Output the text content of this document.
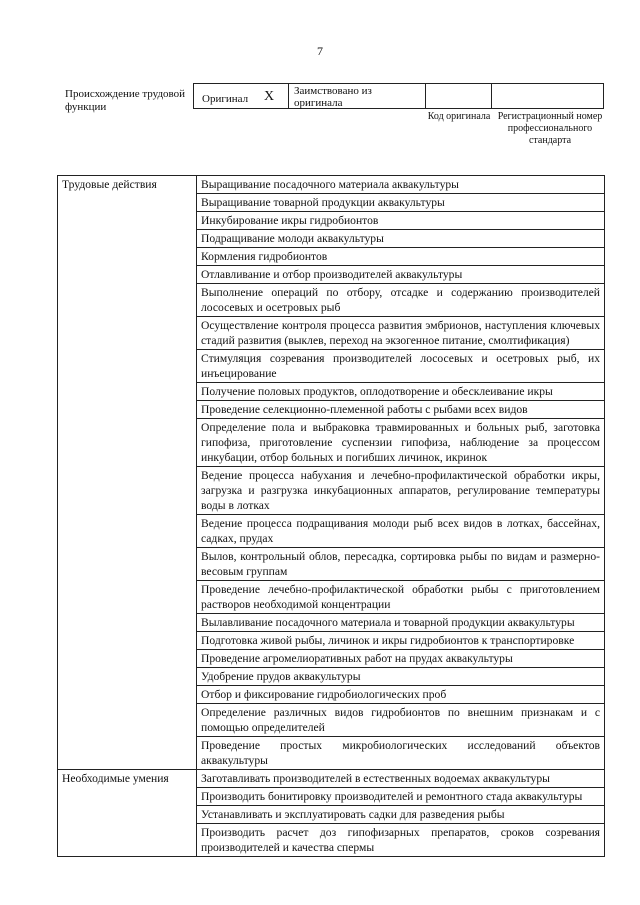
7
Происхождение трудовой функции
Оригинал X Заимствовано из оригинала
Код оригинала Регистрационный номер профессионального стандарта
Трудовые действия	Выращивание посадочного материала аквакультуры
	Выращивание товарной продукции аквакультуры
	Инкубирование икры гидробионтов
	Подращивание молоди аквакультуры
	Кормления гидробионтов
	Отлавливание и отбор производителей аквакультуры
	Выполнение операций по отбору, отсадке и содержанию производителей лососевых и осетровых рыб
	Осуществление контроля процесса развития эмбрионов, наступления ключевых стадий развития (выклев, переход на экзогенное питание, смолтификация)
	Стимуляция созревания производителей лососевых и осетровых рыб, их инъецирование
	Получение половых продуктов, оплодотворение и обесклеивание икры
	Проведение селекционно-племенной работы с рыбами всех видов
	Определение пола и выбраковка травмированных и больных рыб, заготовка гипофиза, приготовление суспензии гипофиза, наблюдение за процессом инкубации, отбор больных и погибших личинок, икринок
	Ведение процесса набухания и лечебно-профилактической обработки икры, загрузка и разгрузка инкубационных аппаратов, регулирование температуры воды в лотках
	Ведение процесса подращивания молоди рыб всех видов в лотках, бассейнах, садках, прудах
	Вылов, контрольный облов, пересадка, сортировка рыбы по видам и размерно-весовым группам
	Проведение лечебно-профилактической обработки рыбы с приготовлением растворов необходимой концентрации
	Вылавливание посадочного материала и товарной продукции аквакультуры
	Подготовка живой рыбы, личинок и икры гидробионтов к транспортировке
	Проведение агромелиоративных работ на прудах аквакультуры
	Удобрение прудов аквакультуры
	Отбор и фиксирование гидробиологических проб
	Определение различных видов гидробионтов по внешним признакам и с помощью определителей
	Проведение простых микробиологических исследований объектов аквакультуры
Необходимые умения	Заготавливать производителей в естественных водоемах аквакультуры
	Производить бонитировку производителей и ремонтного стада аквакультуры
	Устанавливать и эксплуатировать садки для разведения рыбы
	Производить расчет доз гипофизарных препаратов, сроков созревания производителей и качества спермы
